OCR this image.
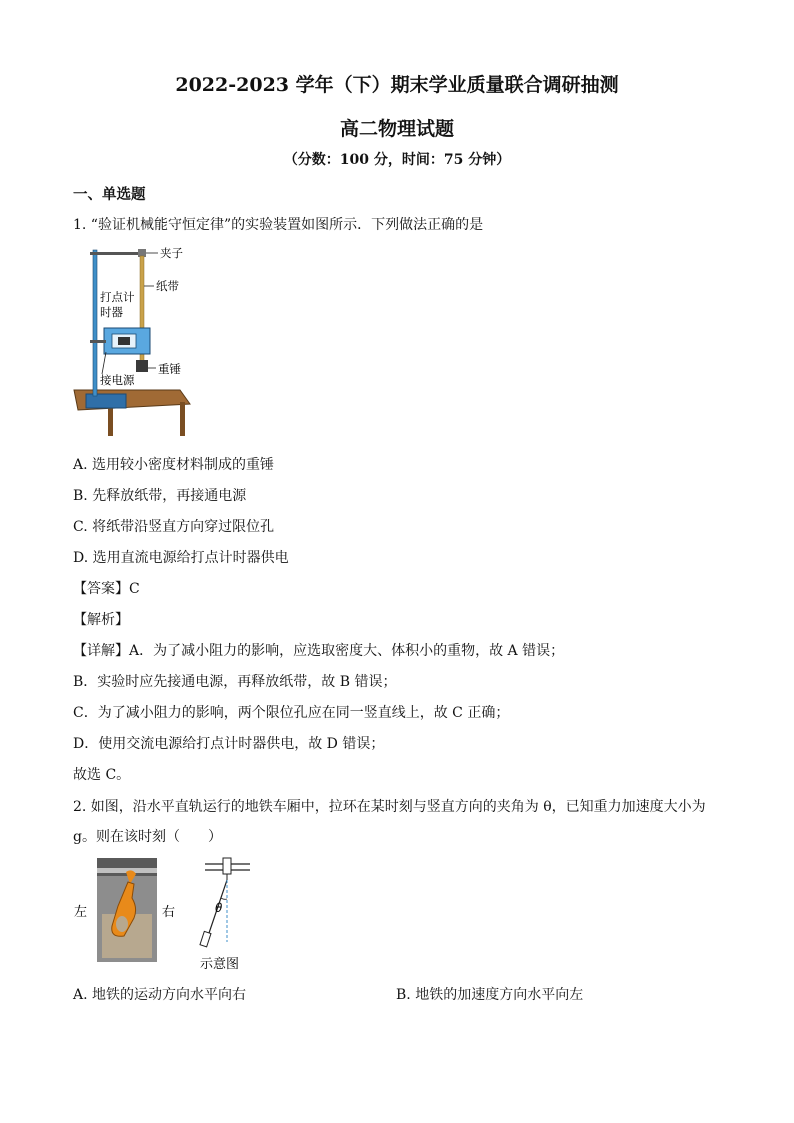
2022-2023 学年（下）期末学业质量联合调研抽测
高二物理试题
（分数：100 分，时间：75 分钟）
一、单选题
1. “验证机械能守恒定律”的实验装置如图所示．下列做法正确的是
夹子
纸带
打点计
时器
重锤
接电源
A. 选用较小密度材料制成的重锤
B. 先释放纸带，再接通电源
C. 将纸带沿竖直方向穿过限位孔
D. 选用直流电源给打点计时器供电
【答案】C
【解析】
【详解】A．为了减小阻力的影响，应选取密度大、体积小的重物，故 A 错误；
B．实验时应先接通电源，再释放纸带，故 B 错误；
C．为了减小阻力的影响，两个限位孔应在同一竖直线上，故 C 正确；
D．使用交流电源给打点计时器供电，故 D 错误；
故选 C。
2. 如图，沿水平直轨运行的地铁车厢中，拉环在某时刻与竖直方向的夹角为 θ，已知重力加速度大小为
g。则在该时刻（　　）
左	右	θ
示意图
A. 地铁的运动方向水平向右	B. 地铁的加速度方向水平向左
